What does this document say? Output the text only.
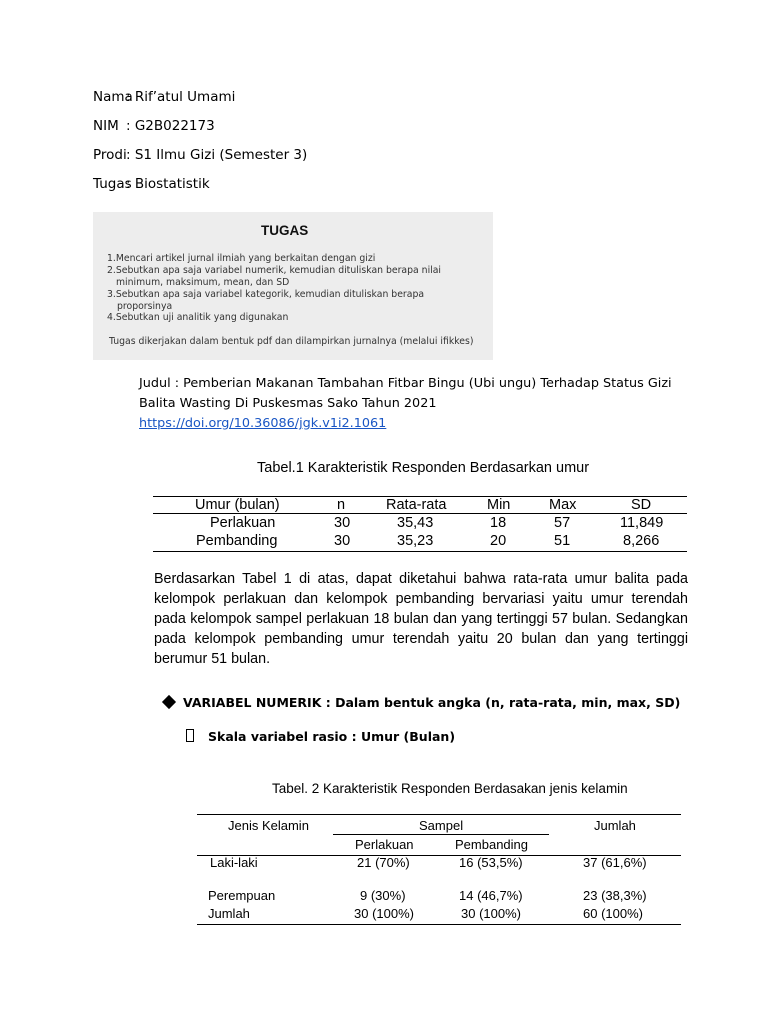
Nama
: Rif’atul Umami
NIM : G2B022173
Prodi : S1 Ilmu Gizi (Semester 3)
Tugas
: Biostatistik
TUGAS
1.Mencari artikel jurnal ilmiah yang berkaitan dengan gizi
2.Sebutkan apa saja variabel numerik, kemudian dituliskan berapa nilai
minimum, maksimum, mean, dan SD
3.Sebutkan apa saja variabel kategorik, kemudian dituliskan berapa
proporsinya
4.Sebutkan uji analitik yang digunakan
Tugas dikerjakan dalam bentuk pdf dan dilampirkan jurnalnya (melalui ifikkes)
Judul : Pemberian Makanan Tambahan Fitbar Bingu (Ubi ungu) Terhadap Status Gizi
Balita Wasting Di Puskesmas Sako Tahun 2021
https://doi.org/10.36086/jgk.v1i2.1061
Tabel.1 Karakteristik Responden Berdasarkan umur
Umur (bulan)	n	Rata-rata	Min	Max	SD
Perlakuan	30	35,43	18	57	11,849
Pembanding	30	35,23	20	51	8,266
Berdasarkan Tabel 1 di atas, dapat diketahui bahwa rata-rata umur balita pada kelompok perlakuan dan kelompok pembanding bervariasi yaitu umur terendah pada kelompok sampel perlakuan 18 bulan dan yang tertinggi 57 bulan. Sedangkan pada kelompok pembanding umur terendah yaitu 20 bulan dan yang tertinggi berumur 51 bulan.
VARIABEL NUMERIK : Dalam bentuk angka (n, rata-rata, min, max, SD)
Skala variabel rasio : Umur (Bulan)
Tabel. 2 Karakteristik Responden Berdasakan jenis kelamin
Jenis Kelamin	Sampel	Jumlah
Perlakuan	Pembanding
Laki-laki	21 (70%)	16 (53,5%)	37 (61,6%)
Perempuan	9 (30%)	14 (46,7%)	23 (38,3%)
Jumlah	30 (100%)	30 (100%)	60 (100%)
